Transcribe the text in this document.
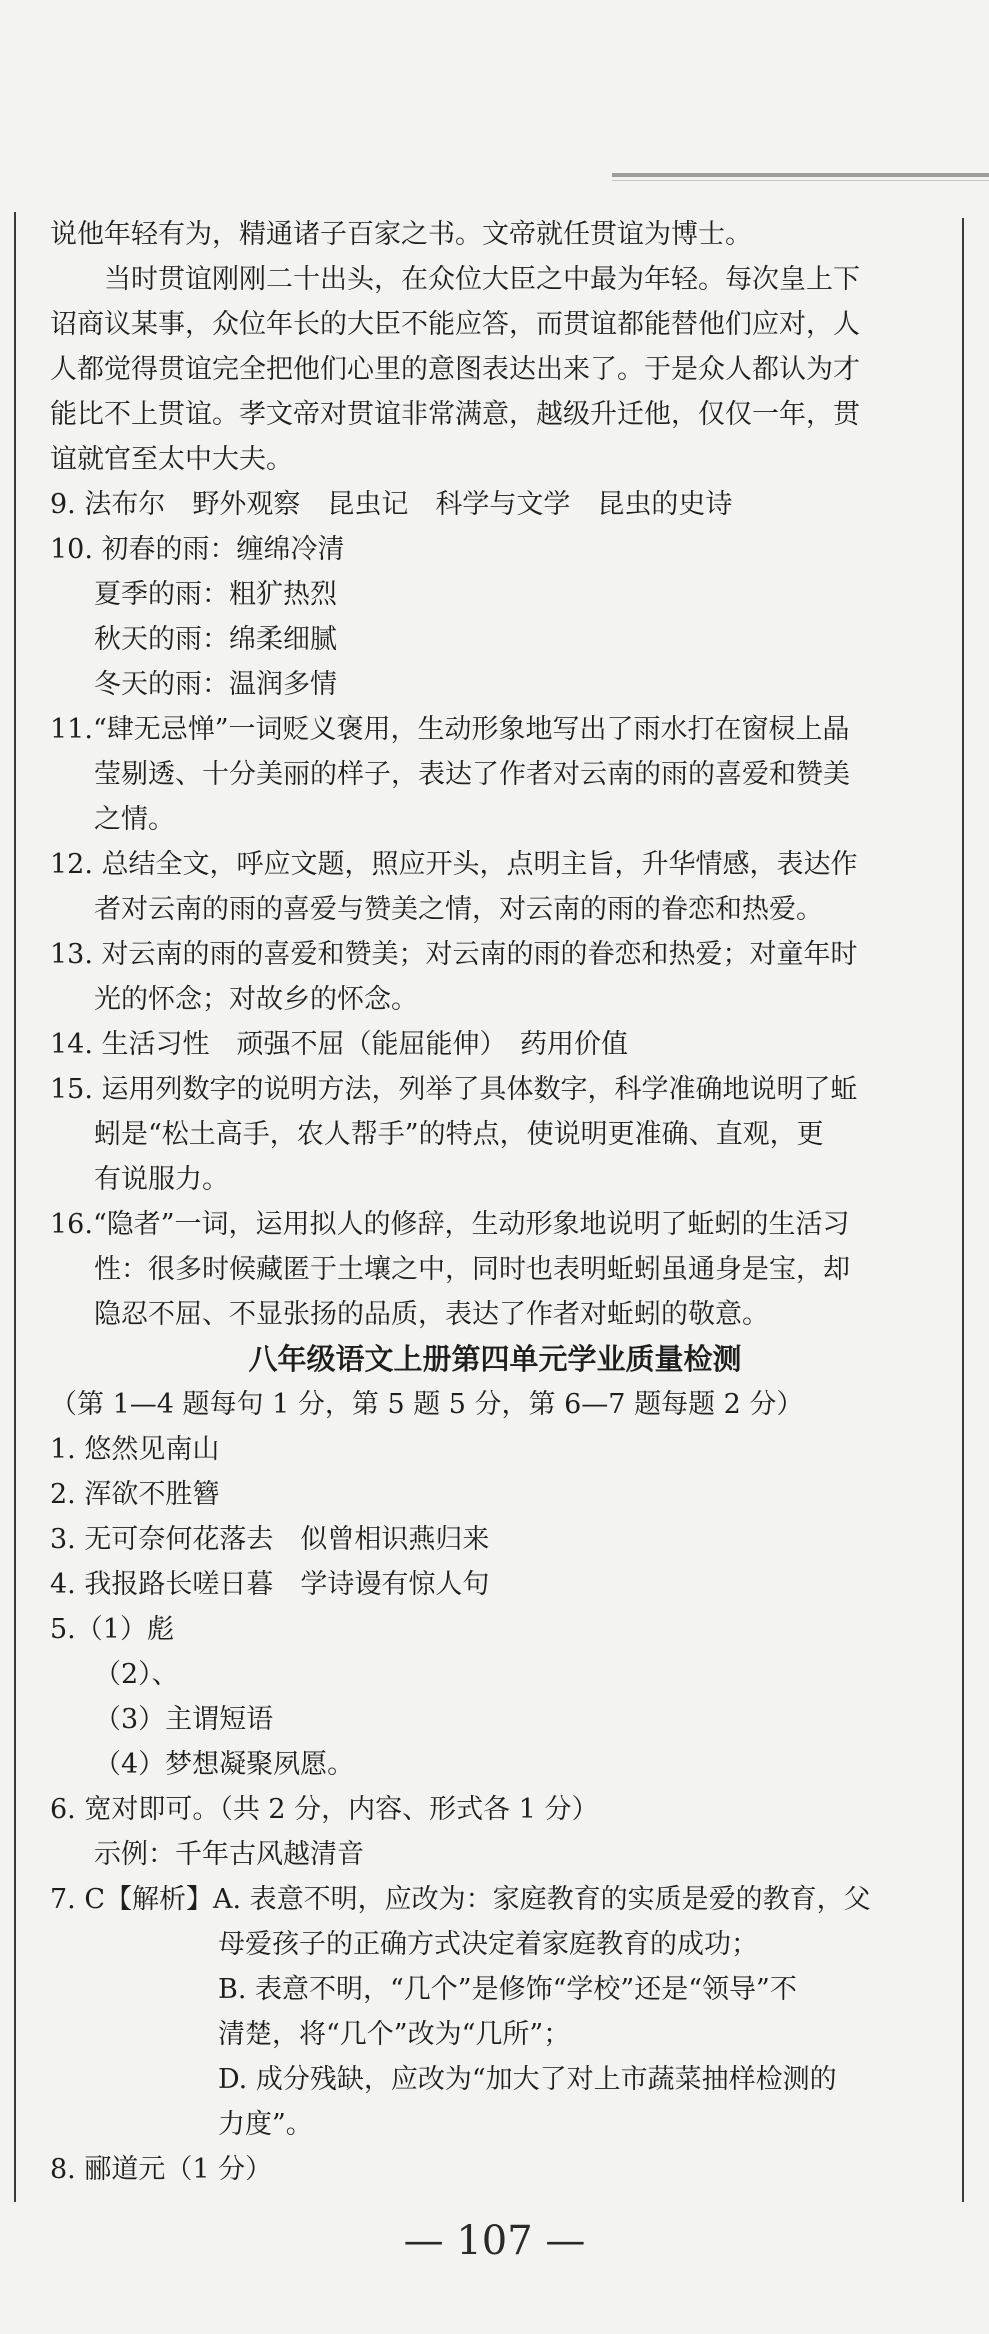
说他年轻有为，精通诸子百家之书。文帝就任贯谊为博士。
当时贯谊刚刚二十出头，在众位大臣之中最为年轻。每次皇上下
诏商议某事，众位年长的大臣不能应答，而贯谊都能替他们应对，人
人都觉得贯谊完全把他们心里的意图表达出来了。于是众人都认为才
能比不上贯谊。孝文帝对贯谊非常满意，越级升迁他，仅仅一年，贯
谊就官至太中大夫。
9. 法布尔　野外观察　昆虫记　科学与文学　昆虫的史诗
10. 初春的雨：缠绵冷清
夏季的雨：粗犷热烈
秋天的雨：绵柔细腻
冬天的雨：温润多情
11.“肆无忌惮”一词贬义褒用，生动形象地写出了雨水打在窗棂上晶
莹剔透、十分美丽的样子，表达了作者对云南的雨的喜爱和赞美
之情。
12. 总结全文，呼应文题，照应开头，点明主旨，升华情感，表达作
者对云南的雨的喜爱与赞美之情，对云南的雨的眷恋和热爱。
13. 对云南的雨的喜爱和赞美；对云南的雨的眷恋和热爱；对童年时
光的怀念；对故乡的怀念。
14. 生活习性　顽强不屈（能屈能伸）　药用价值
15. 运用列数字的说明方法，列举了具体数字，科学准确地说明了蚯
蚓是“松土高手，农人帮手”的特点，使说明更准确、直观，更
有说服力。
16.“隐者”一词，运用拟人的修辞，生动形象地说明了蚯蚓的生活习
性：很多时候藏匿于土壤之中，同时也表明蚯蚓虽通身是宝，却
隐忍不屈、不显张扬的品质，表达了作者对蚯蚓的敬意。
八年级语文上册第四单元学业质量检测
（第 1—4 题每句 1 分，第 5 题 5 分，第 6—7 题每题 2 分）
1. 悠然见南山
2. 浑欲不胜簪
3. 无可奈何花落去　似曾相识燕归来
4. 我报路长嗟日暮　学诗谩有惊人句
5.（1）彪
（2）、
（3）主谓短语
（4）梦想凝聚夙愿。
6. 宽对即可。（共 2 分，内容、形式各 1 分）
示例：千年古风越清音
7. C【解析】A. 表意不明，应改为：家庭教育的实质是爱的教育，父
母爱孩子的正确方式决定着家庭教育的成功；
B. 表意不明，“几个”是修饰“学校”还是“领导”不
清楚，将“几个”改为“几所”；
D. 成分残缺，应改为“加大了对上市蔬菜抽样检测的
力度”。
8. 郦道元（1 分）
— 107 —
